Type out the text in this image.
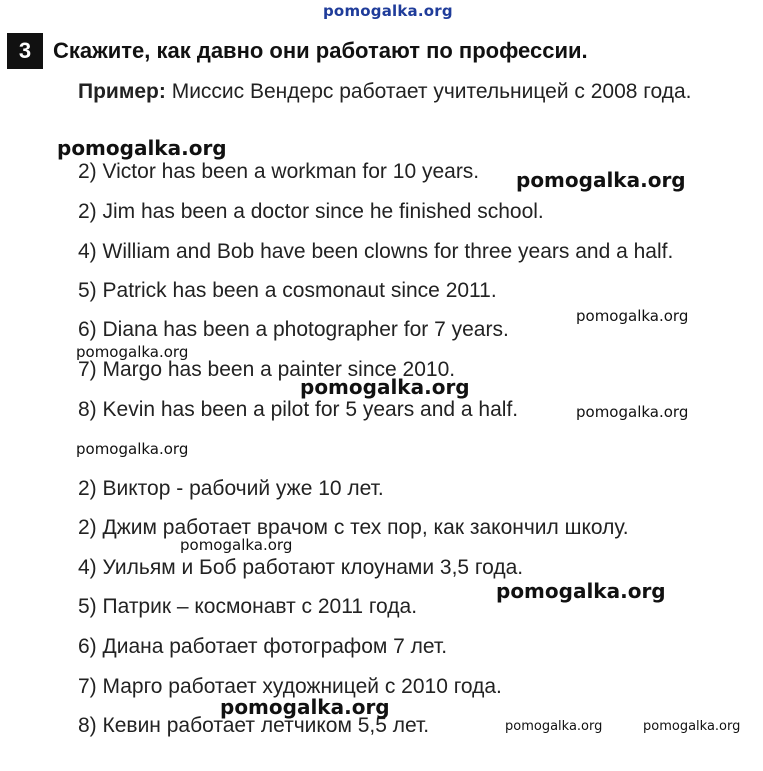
pomogalka.org
3 Скажите, как давно они работают по профессии.
Пример: Миссис Вендерс работает учительницей с 2008 года.
2) Victor has been a workman for 10 years.
2) Jim has been a doctor since he finished school.
4) William and Bob have been clowns for three years and a half.
5) Patrick has been a cosmonaut since 2011.
6) Diana has been a photographer for 7 years.
7) Margo has been a painter since 2010.
8) Kevin has been a pilot for 5 years and a half.
2) Виктор - рабочий уже 10 лет.
2) Джим работает врачом с тех пор, как закончил школу.
4) Уильям и Боб работают клоунами 3,5 года.
5) Патрик – космонавт с 2011 года.
6) Диана работает фотографом 7 лет.
7) Марго работает художницей с 2010 года.
8) Кевин работает летчиком 5,5 лет.
pomogalka.org
pomogalka.org
pomogalka.org
pomogalka.org
pomogalka.org
pomogalka.org
pomogalka.org
pomogalka.org
pomogalka.org
pomogalka.org
pomogalka.org	pomogalka.org
